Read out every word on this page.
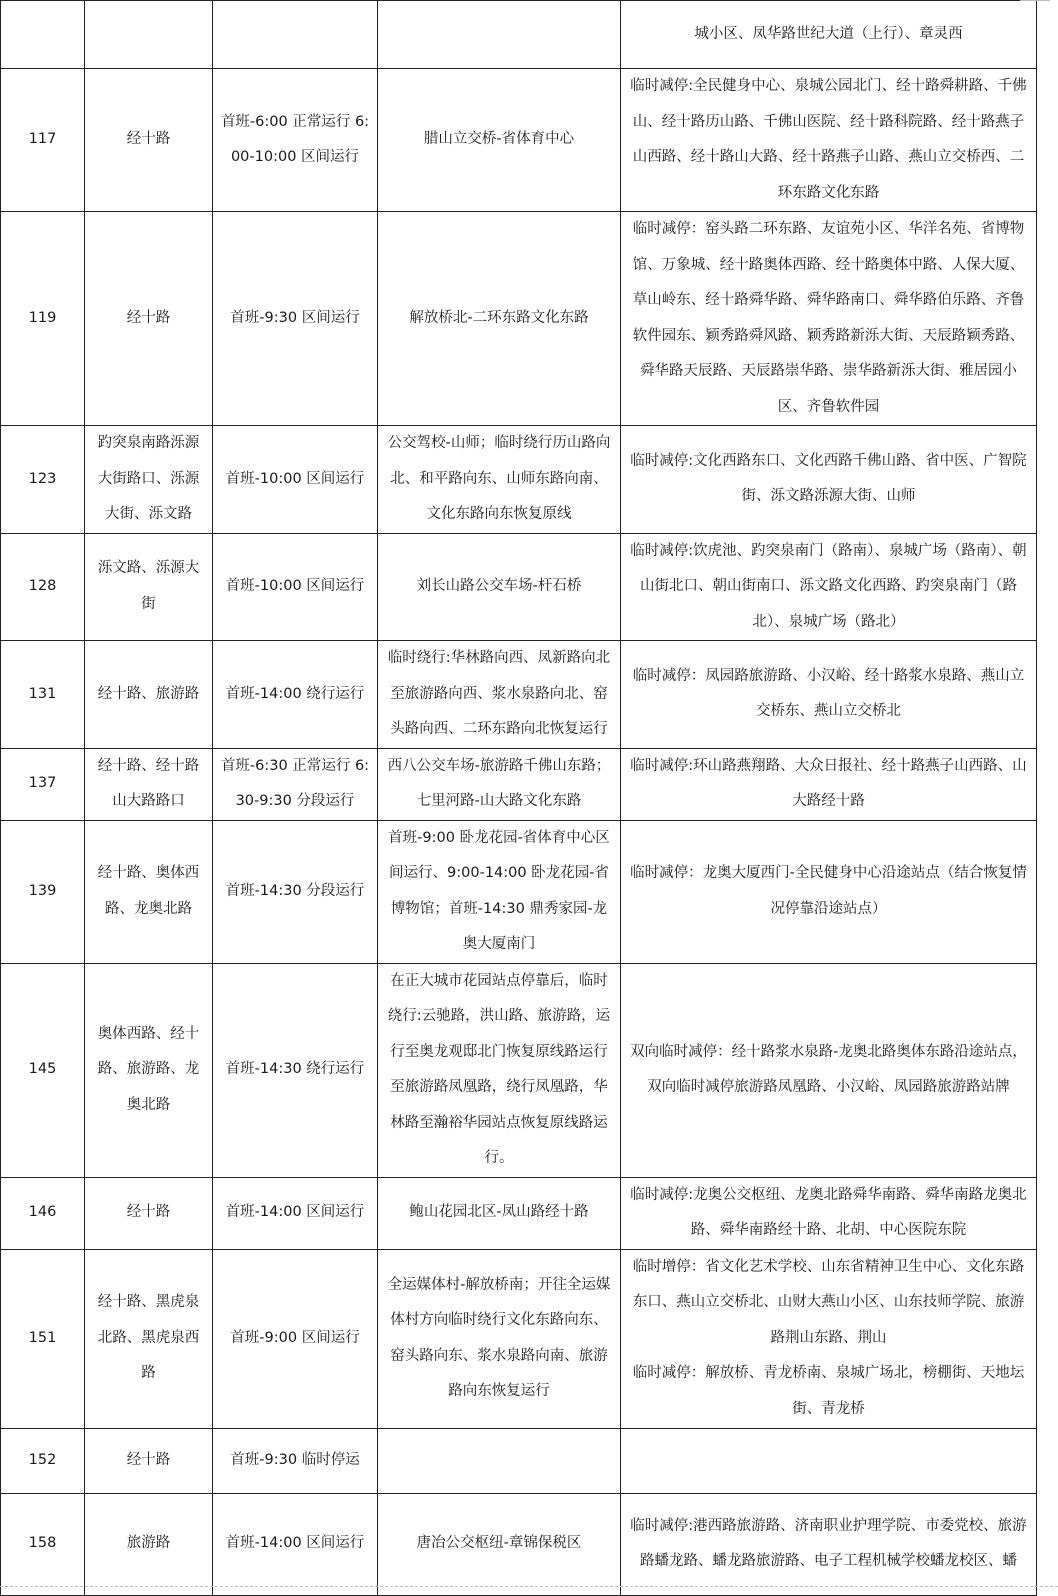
				城小区、凤华路世纪大道（上行）、章灵西

117	经十路	首班-6:00 正常运行 6:00-10:00 区间运行	腊山立交桥-省体育中心	临时减停:全民健身中心、泉城公园北门、经十路舜耕路、千佛山、经十路历山路、千佛山医院、经十路科院路、经十路燕子山西路、经十路山大路、经十路燕子山路、燕山立交桥西、二环东路文化东路

119	经十路	首班-9:30 区间运行	解放桥北-二环东路文化东路	临时减停：窑头路二环东路、友谊苑小区、华洋名苑、省博物馆、万象城、经十路奥体西路、经十路奥体中路、人保大厦、草山岭东、经十路舜华路、舜华路南口、舜华路伯乐路、齐鲁软件园东、颖秀路舜风路、颖秀路新泺大街、天辰路颖秀路、舜华路天辰路、天辰路崇华路、崇华路新泺大街、雅居园小区、齐鲁软件园

123	趵突泉南路泺源大街路口、泺源大街、泺文路	首班-10:00 区间运行	公交驾校-山师；临时绕行历山路向北、和平路向东、山师东路向南、文化东路向东恢复原线	临时减停:文化西路东口、文化西路千佛山路、省中医、广智院街、泺文路泺源大街、山师

128	泺文路、泺源大街	首班-10:00 区间运行	刘长山路公交车场-杆石桥	临时减停:饮虎池、趵突泉南门（路南）、泉城广场（路南）、朝山街北口、朝山街南口、泺文路文化西路、趵突泉南门（路北）、泉城广场（路北）

131	经十路、旅游路	首班-14:00 绕行运行	临时绕行:华林路向西、凤新路向北至旅游路向西、浆水泉路向北、窑头路向西、二环东路向北恢复运行	临时减停：凤园路旅游路、小汉峪、经十路浆水泉路、燕山立交桥东、燕山立交桥北

137	经十路、经十路山大路路口	首班-6:30 正常运行 6:30-9:30 分段运行	西八公交车场-旅游路千佛山东路；七里河路-山大路文化东路	临时减停:环山路燕翔路、大众日报社、经十路燕子山西路、山大路经十路

139	经十路、奥体西路、龙奥北路	首班-14:30 分段运行	首班-9:00 卧龙花园-省体育中心区间运行、9:00-14:00 卧龙花园-省博物馆；首班-14:30 鼎秀家园-龙奥大厦南门	临时减停：龙奥大厦西门-全民健身中心沿途站点（结合恢复情况停靠沿途站点）

145	奥体西路、经十路、旅游路、龙奥北路	首班-14:30 绕行运行	在正大城市花园站点停靠后，临时绕行:云驰路，洪山路、旅游路，运行至奥龙观邸北门恢复原线路运行至旅游路凤凰路，绕行凤凰路，华林路至瀚裕华园站点恢复原线路运行。	双向临时减停：经十路浆水泉路-龙奥北路奥体东路沿途站点，双向临时减停旅游路凤凰路、小汉峪、凤园路旅游路站牌

146	经十路	首班-14:00 区间运行	鲍山花园北区-凤山路经十路	临时减停:龙奥公交枢纽、龙奥北路舜华南路、舜华南路龙奥北路、舜华南路经十路、北胡、中心医院东院

151	经十路、黑虎泉北路、黑虎泉西路	首班-9:00 区间运行	全运媒体村-解放桥南；开往全运媒体村方向临时绕行文化东路向东、窑头路向东、浆水泉路向南、旅游路向东恢复运行	临时增停：省文化艺术学校、山东省精神卫生中心、文化东路东口、燕山立交桥北、山财大燕山小区、山东技师学院、旅游路荆山东路、荆山
临时减停：解放桥、青龙桥南、泉城广场北，榜棚街、天地坛街、青龙桥

152	经十路	首班-9:30 临时停运		

158	旅游路	首班-14:00 区间运行	唐冶公交枢纽-章锦保税区	临时减停:港西路旅游路、济南职业护理学院、市委党校、旅游路蟠龙路、蟠龙路旅游路、电子工程机械学校蟠龙校区、蟠
